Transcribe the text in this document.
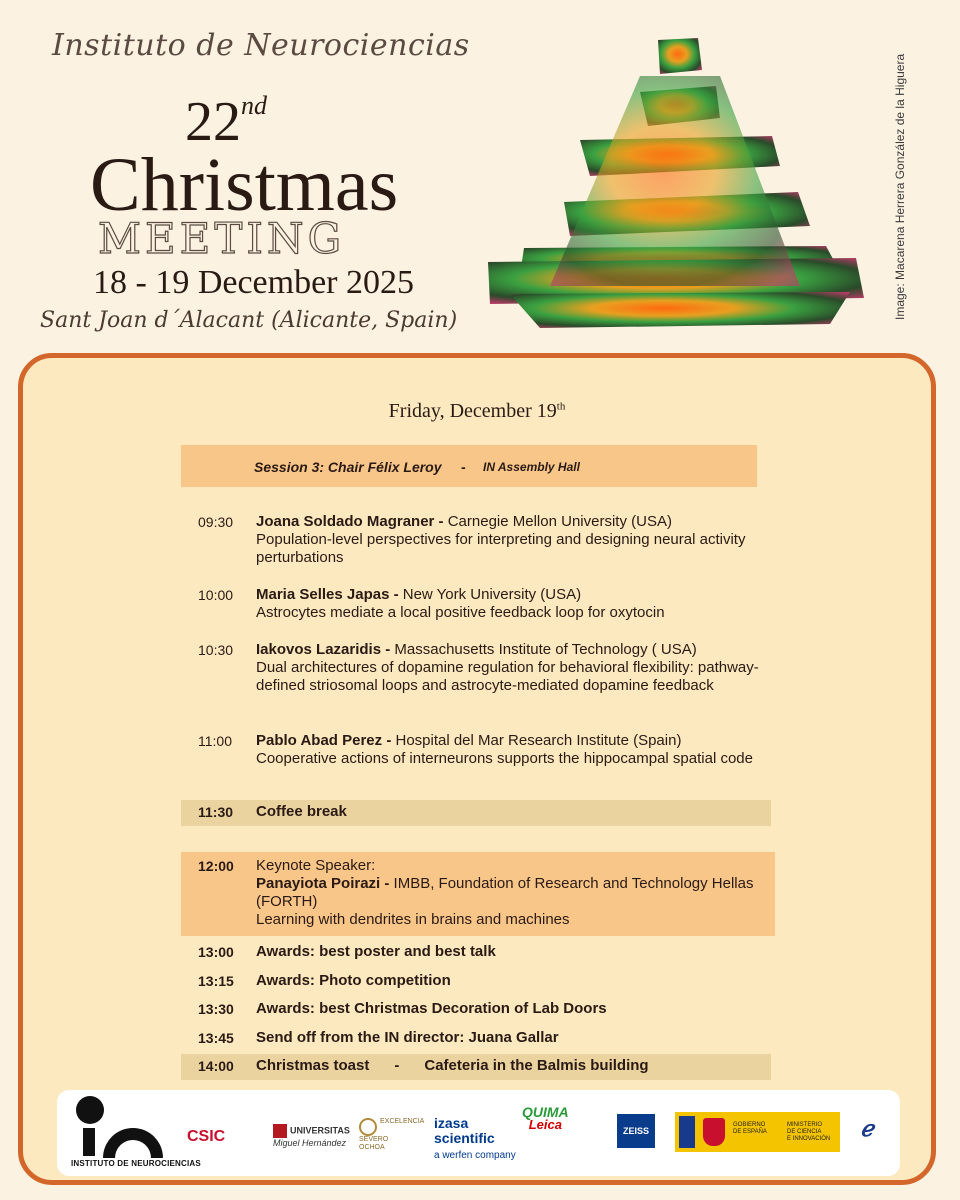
Instituto de Neurociencias
22nd
Christmas
MEETING
18 - 19 December 2025
Sant Joan d´Alacant (Alicante, Spain)
Image: Macarena Herrera González de la Higuera
Friday, December 19th
Session 3: Chair Félix Leroy - IN Assembly Hall
09:30	Joana Soldado Magraner - Carnegie Mellon University (USA)
Population-level perspectives for interpreting and designing neural activity perturbations
10:00	Maria Selles Japas - New York University (USA)
Astrocytes mediate a local positive feedback loop for oxytocin
10:30	Iakovos Lazaridis - Massachusetts Institute of Technology ( USA)
Dual architectures of dopamine regulation for behavioral flexibility: pathway-defined striosomal loops and astrocyte-mediated dopamine feedback
11:00	Pablo Abad Perez - Hospital del Mar Research Institute (Spain)
Cooperative actions of interneurons supports the hippocampal spatial code
11:30 Coffee break
12:00 Keynote Speaker:
Panayiota Poirazi - IMBB, Foundation of Research and Technology Hellas (FORTH)
Learning with dendrites in brains and machines
13:00 Awards: best poster and best talk
13:15 Awards: Photo competition
13:30 Awards: best Christmas Decoration of Lab Doors
13:45 Send off from the IN director: Juana Gallar
14:00 Christmas toast      -      Cafeteria in the Balmis building
INSTITUTO DE NEUROCIENCIAS
CSIC	UNIVERSITAS
Miguel Hernández
EXCELENCIA
SEVERO
OCHOA
izasa
scientific
a werfen company
QUIMA
Leica	ZEISS
GOBIERNO
DE ESPAÑA
MINISTERIO
DE CIENCIA
E INNOVACIÓN	ℯ
